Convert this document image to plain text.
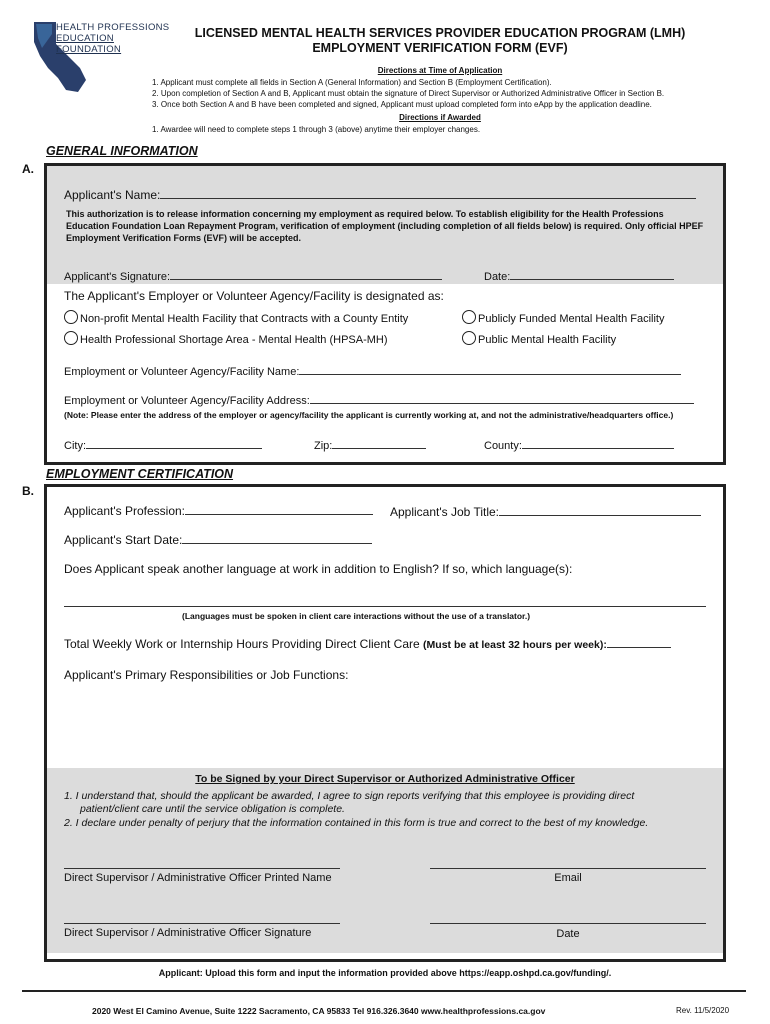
HEALTH PROFESSIONS
EDUCATION FOUNDATION
LICENSED MENTAL HEALTH SERVICES PROVIDER EDUCATION PROGRAM (LMH)
EMPLOYMENT VERIFICATION FORM (EVF)
Directions at Time of Application
1. Applicant must complete all fields in Section A (General Information) and Section B (Employment Certification).
2. Upon completion of Section A and B, Applicant must obtain the signature of Direct Supervisor or Authorized Administrative Officer in Section B.
3. Once both Section A and B have been completed and signed, Applicant must upload completed form into eApp by the application deadline.
Directions if Awarded
1. Awardee will need to complete steps 1 through 3 (above) anytime their employer changes.
GENERAL INFORMATION
A.
Applicant's Name:
This authorization is to release information concerning my employment as required below. To establish eligibility for the Health Professions Education Foundation Loan Repayment Program, verification of employment (including completion of all fields below) is required. Only official HPEF Employment Verification Forms (EVF) will be accepted.
Applicant's Signature:	Date:
The Applicant's Employer or Volunteer Agency/Facility is designated as:
Non-profit Mental Health Facility that Contracts with a County Entity	Publicly Funded Mental Health Facility
Health Professional Shortage Area - Mental Health (HPSA-MH)	Public Mental Health Facility
Employment or Volunteer Agency/Facility Name:
Employment or Volunteer Agency/Facility Address:
(Note: Please enter the address of the employer or agency/facility the applicant is currently working at, and not the administrative/headquarters office.)
City:	Zip:	County:
EMPLOYMENT CERTIFICATION
B.
Applicant's Profession:	Applicant's Job Title:
Applicant's Start Date:
Does Applicant speak another language at work in addition to English? If so, which language(s):
(Languages must be spoken in client care interactions without the use of a translator.)
Total Weekly Work or Internship Hours Providing Direct Client Care (Must be at least 32 hours per week):
Applicant's Primary Responsibilities or Job Functions:
To be Signed by your Direct Supervisor or Authorized Administrative Officer
1. I understand that, should the applicant be awarded, I agree to sign reports verifying that this employee is providing direct
patient/client care until the service obligation is complete.
2. I declare under penalty of perjury that the information contained in this form is true and correct to the best of my knowledge.
Direct Supervisor / Administrative Officer Printed Name	Email
Direct Supervisor / Administrative Officer Signature	Date
Applicant: Upload this form and input the information provided above https://eapp.oshpd.ca.gov/funding/.
2020 West El Camino Avenue, Suite 1222 Sacramento, CA 95833 Tel 916.326.3640 www.healthprofessions.ca.gov	Rev. 11/5/2020
